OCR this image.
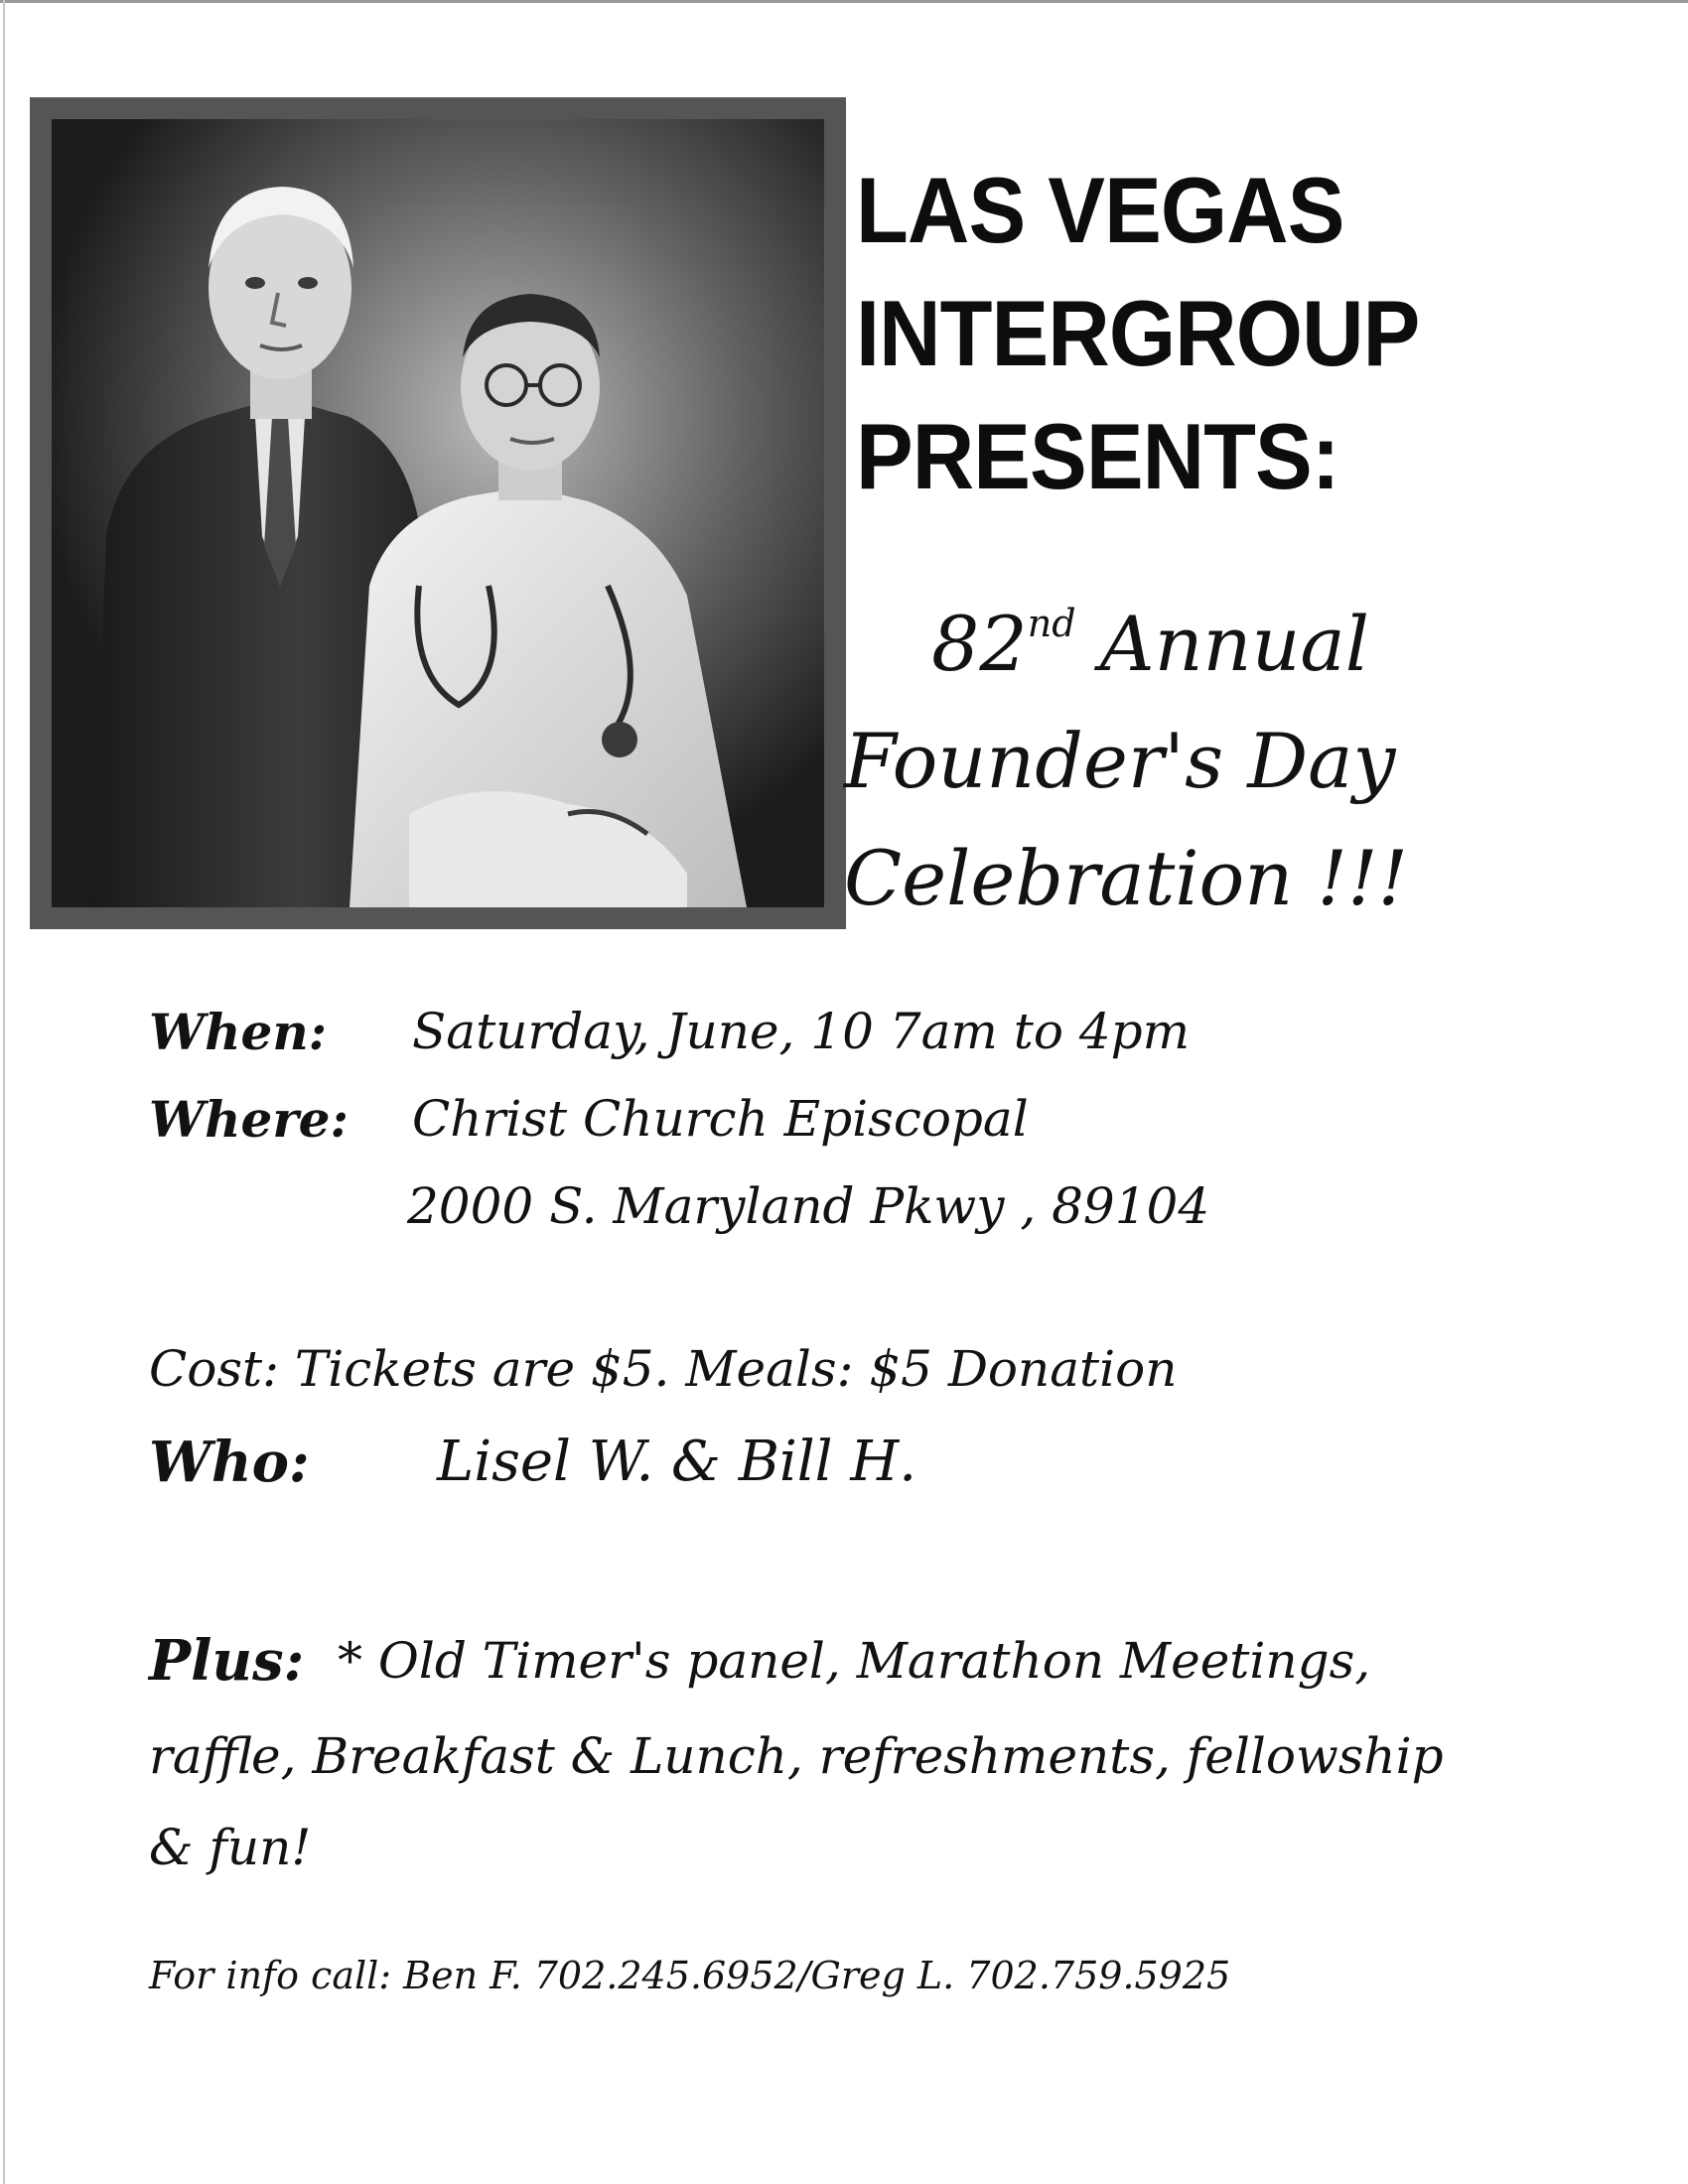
LAS VEGAS
INTERGROUP
PRESENTS:
82nd Annual
Founder's Day
Celebration !!!
When: Saturday, June, 10 7am to 4pm
Where: Christ Church Episcopal
2000 S. Maryland Pkwy , 89104
Cost: Tickets are $5. Meals: $5 Donation
Who: Lisel W. & Bill H.
Plus: * Old Timer's panel, Marathon Meetings,
raffle, Breakfast & Lunch, refreshments, fellowship
& fun!
For info call: Ben F. 702.245.6952/Greg L. 702.759.5925
